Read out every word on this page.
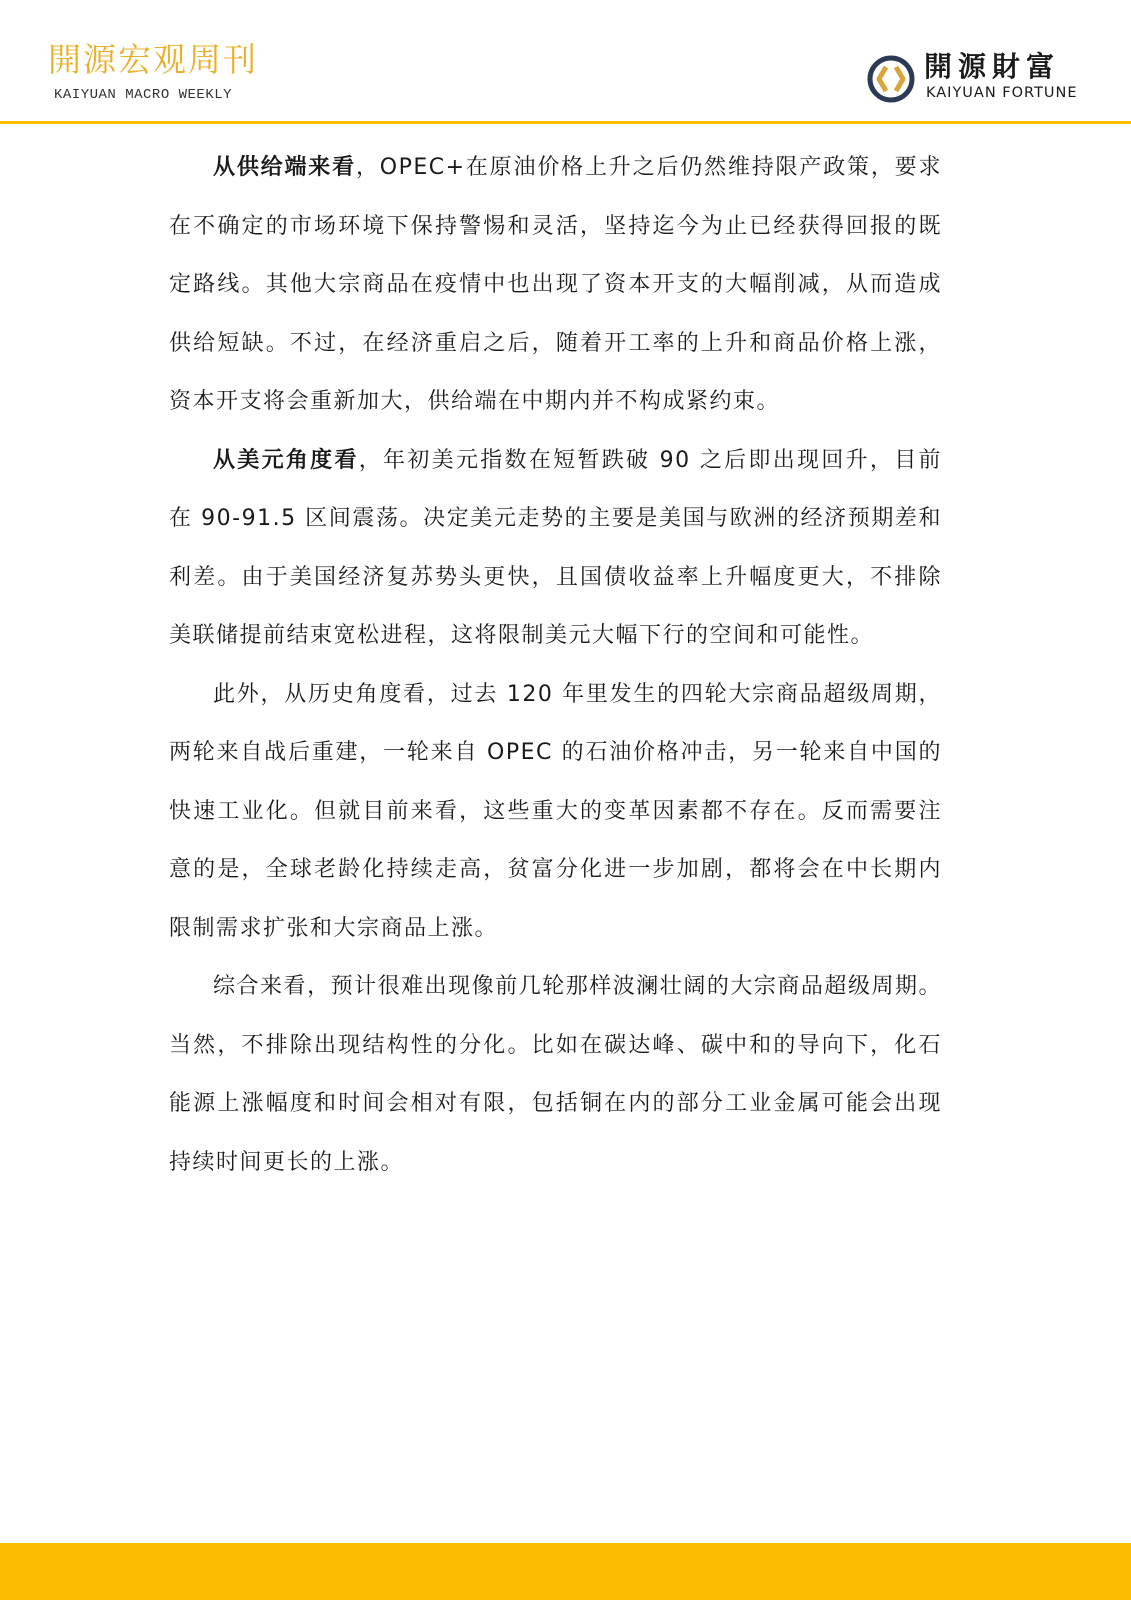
開源宏观周刊
KAIYUAN MACRO WEEKLY
開源財富
KAIYUAN FORTUNE

从供给端来看，OPEC+在原油价格上升之后仍然维持限产政策，要求在不确定的市场环境下保持警惕和灵活，坚持迄今为止已经获得回报的既定路线。其他大宗商品在疫情中也出现了资本开支的大幅削减，从而造成供给短缺。不过，在经济重启之后，随着开工率的上升和商品价格上涨，资本开支将会重新加大，供给端在中期内并不构成紧约束。

从美元角度看，年初美元指数在短暂跌破 90 之后即出现回升，目前在 90-91.5 区间震荡。决定美元走势的主要是美国与欧洲的经济预期差和利差。由于美国经济复苏势头更快，且国债收益率上升幅度更大，不排除美联储提前结束宽松进程，这将限制美元大幅下行的空间和可能性。

此外，从历史角度看，过去 120 年里发生的四轮大宗商品超级周期，两轮来自战后重建，一轮来自 OPEC 的石油价格冲击，另一轮来自中国的快速工业化。但就目前来看，这些重大的变革因素都不存在。反而需要注意的是，全球老龄化持续走高，贫富分化进一步加剧，都将会在中长期内限制需求扩张和大宗商品上涨。

综合来看，预计很难出现像前几轮那样波澜壮阔的大宗商品超级周期。当然，不排除出现结构性的分化。比如在碳达峰、碳中和的导向下，化石能源上涨幅度和时间会相对有限，包括铜在内的部分工业金属可能会出现持续时间更长的上涨。
